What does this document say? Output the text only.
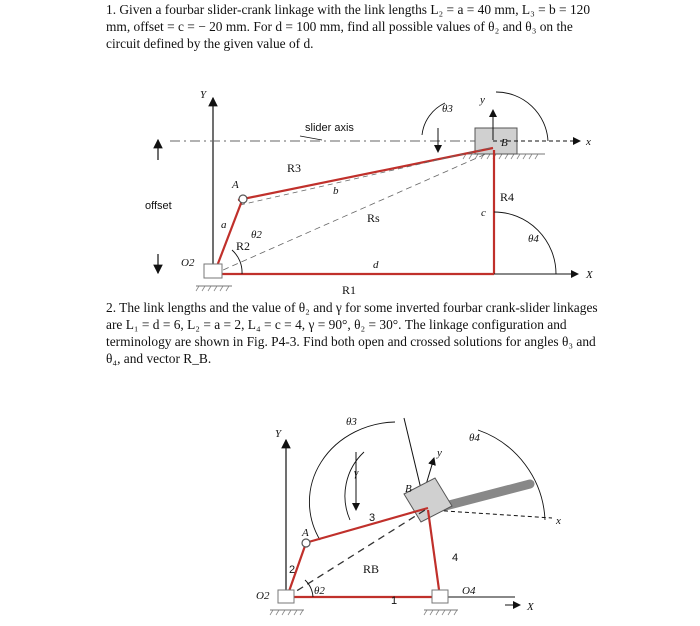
1. Given a fourbar slider-crank linkage with the link lengths L₂ = a = 40 mm, L₃ = b = 120 mm, offset = c = − 20 mm. For d = 100 mm, find all possible values of θ₂ and θ₃ on the circuit defined by the given value of d.

Y
slider axis
offset
B
y
x
θ3
R3
b
Rs
R4
c
θ4
X
R1
d
R2
a
A
θ2
O2

2. The link lengths and the value of θ₂ and γ for some inverted fourbar crank-slider linkages are L₁ = d = 6, L₂ = a = 2, L₄ = c = 4, γ = 90°, θ₂ = 30°. The linkage configuration and terminology are shown in Fig. P4-3. Find both open and crossed solutions for angles θ₃ and θ₄, and vector R_B.

Y
θ3
γ
θ4
y
x
B
3
4
RB
1	X
2
A
θ2
O2	O4
